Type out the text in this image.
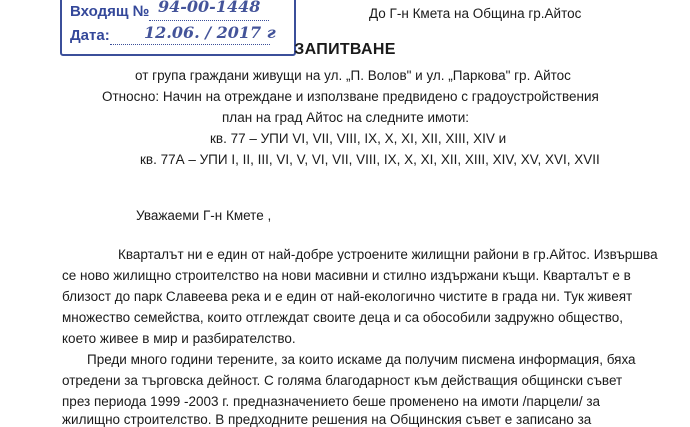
Входящ №
Дата:
94-00-1448
12.06. / 2017 г
До Г-н Кмета на Община гр.Айтос
ЗАПИТВАНЕ
от група граждани живущи на ул. „П. Волов" и ул. „Паркова" гр. Айтос
Относно: Начин на отреждане и използване предвидено с градоустройствения
план на град Айтос на следните имоти:
кв. 77 – УПИ VI, VII, VIII, IX, X, XI, XII, XIII, XIV и
кв. 77А – УПИ I, II, III, VI, V, VI, VII, VIII, IX, X, XI, XII, XIII, XIV, XV, XVI, XVII
Уважаеми Г-н Кмете ,
Кварталът ни е един от най-добре устроените жилищни райони в гр.Айтос. Извършва
се ново жилищно строителство на нови масивни и стилно издържани къщи. Кварталът е в
близост до парк Славеева река и е един от най-екологично чистите в града ни. Тук живеят
множество семейства, които отглеждат своите деца и са обособили задружно общество,
което живее в мир и разбирателство.
Преди много години терените, за които искаме да получим писмена информация, бяха
отредени за търговска дейност. С голяма благодарност към действащия общински съвет
през периода 1999 -2003 г. предназначението беше променено на имоти /парцели/ за
жилищно строителство. В предходните решения на Общинския съвет е записано за
